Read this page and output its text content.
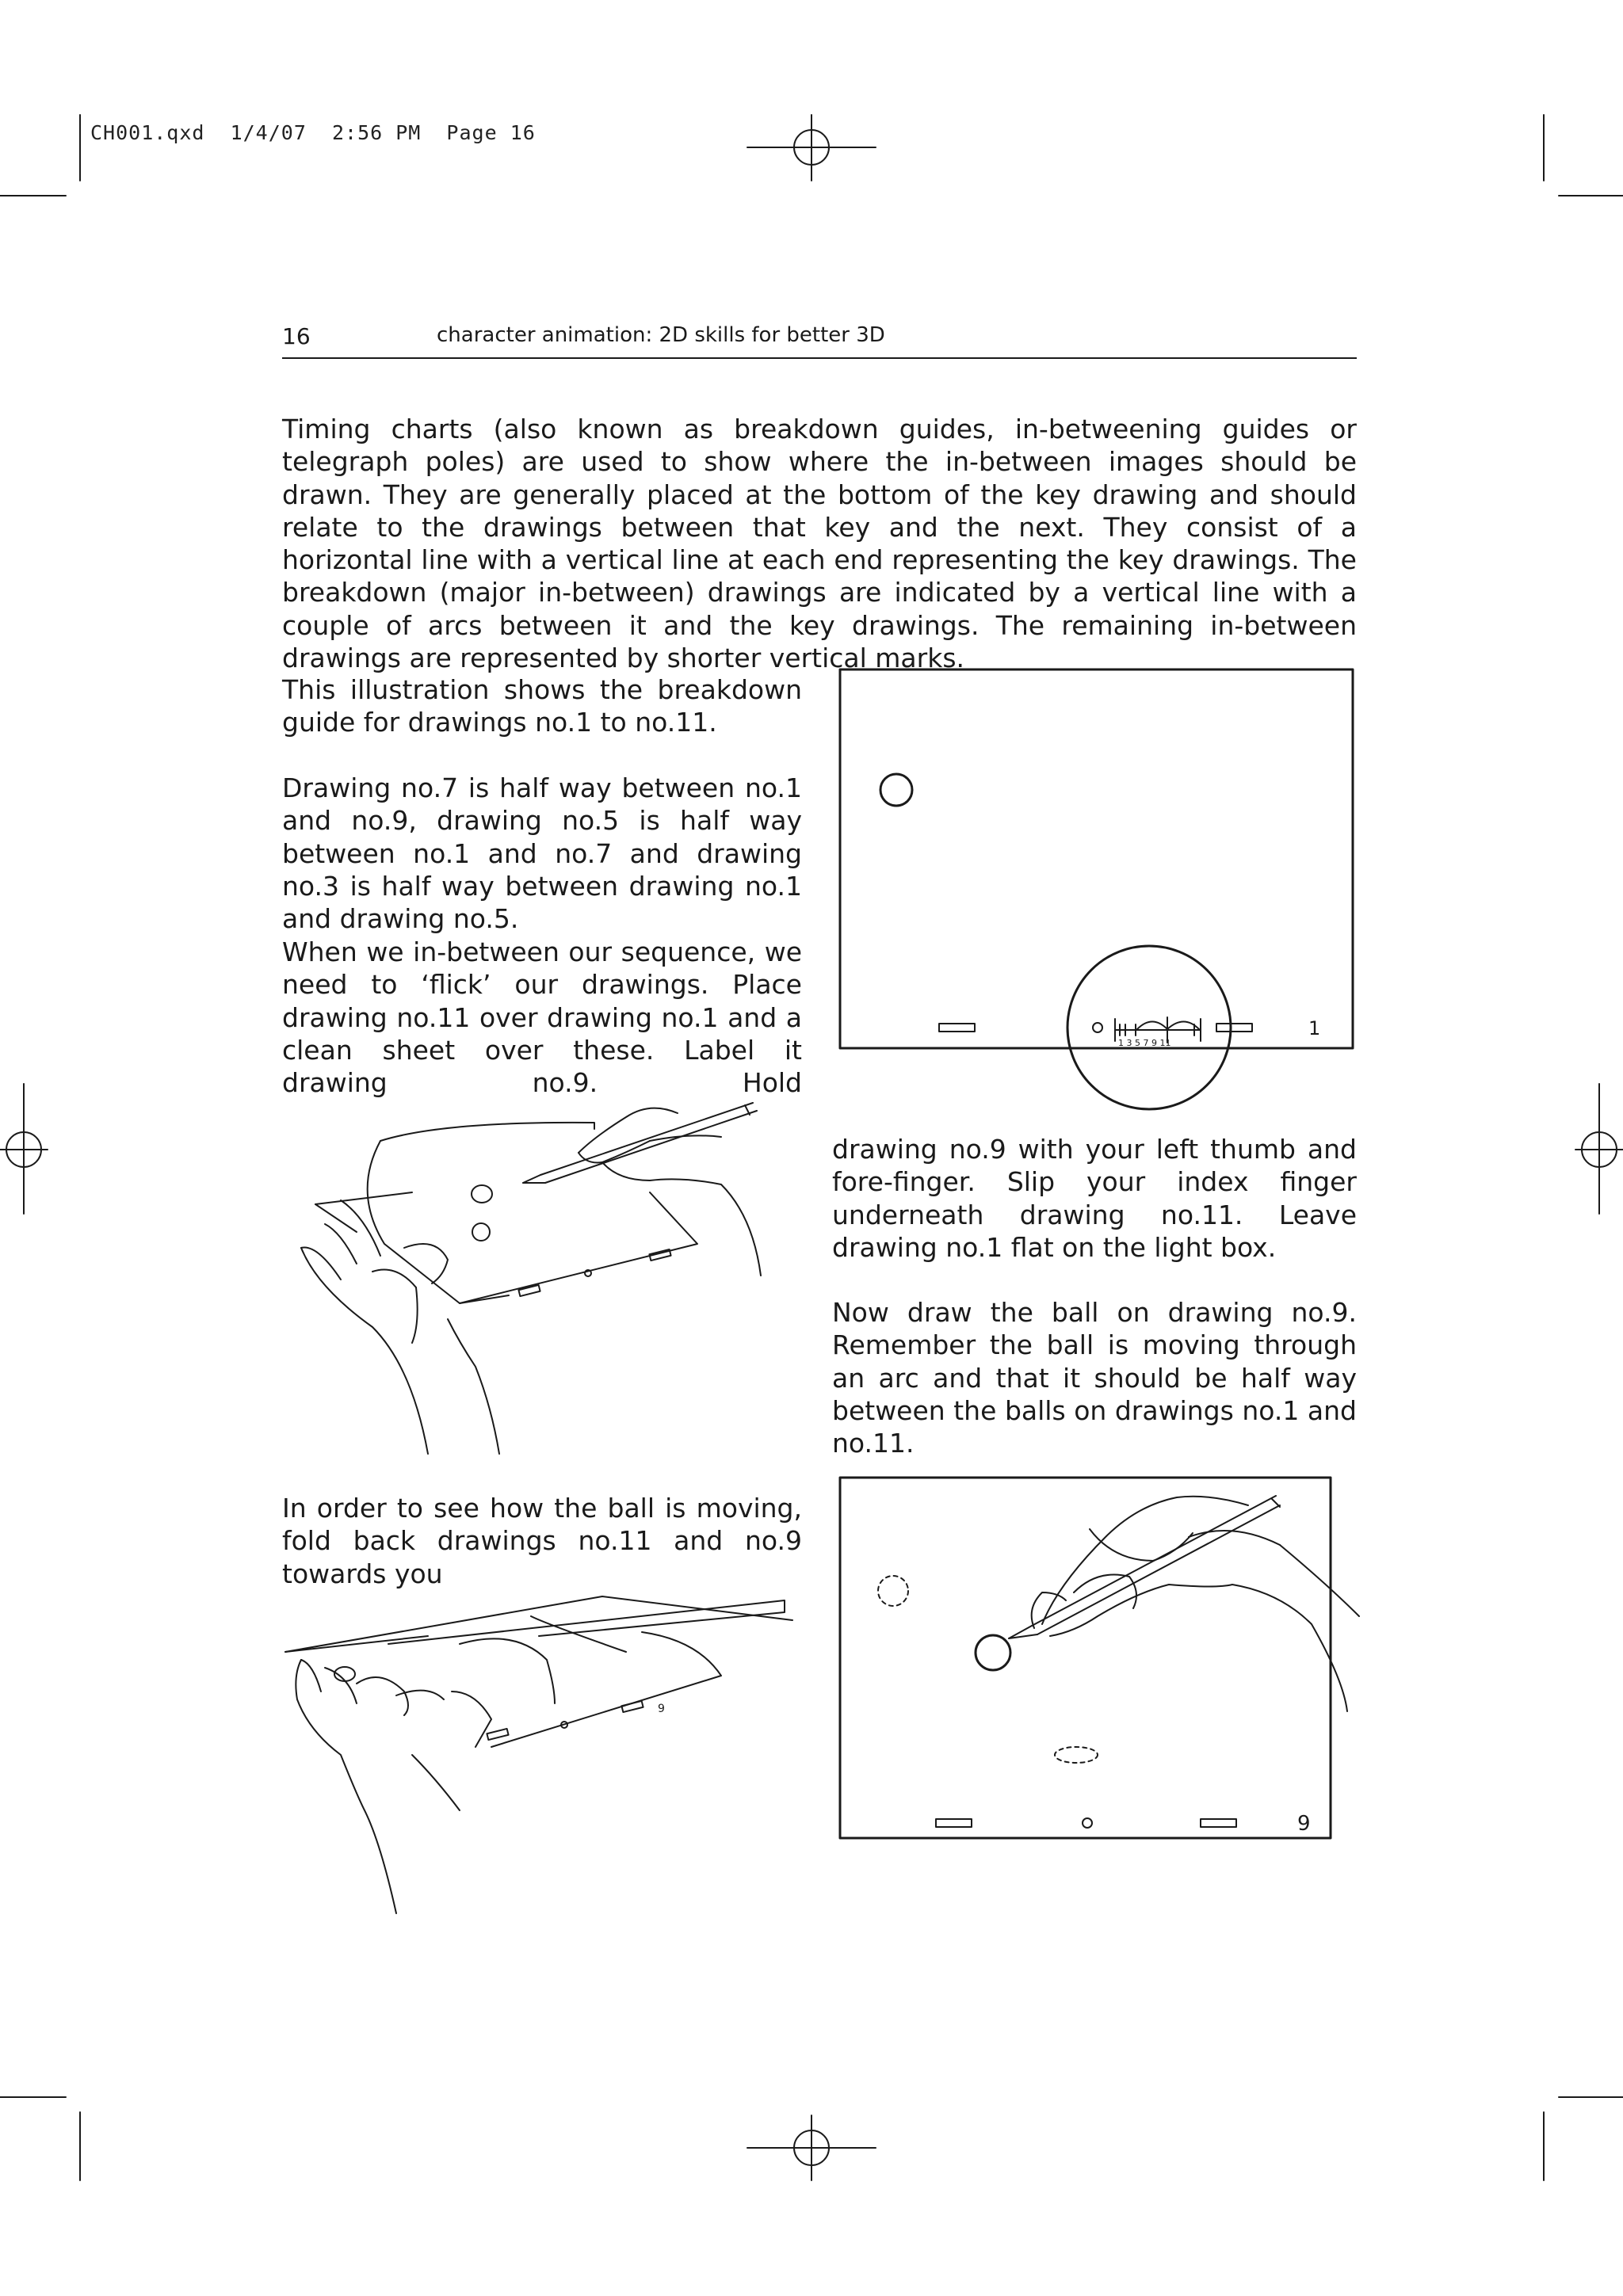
CH001.qxd  1/4/07  2:56 PM  Page 16
16	character animation: 2D skills for better 3D

Timing charts (also known as breakdown guides, in-betweening guides or telegraph poles) are used to show where the in-between images should be drawn. They are generally placed at the bottom of the key drawing and should relate to the drawings between that key and the next. They consist of a horizontal line with a vertical line at each end representing the key drawings. The breakdown (major in-between) drawings are indicated by a vertical line with a couple of arcs between it and the key drawings. The remaining in-between drawings are represented by shorter vertical marks.

This illustration shows the breakdown guide for drawings no.1 to no.11.

Drawing no.7 is half way between no.1 and no.9, drawing no.5 is half way between no.1 and no.7 and drawing no.3 is half way between drawing no.1 and drawing no.5.

When we in-between our sequence, we need to ‘flick’ our drawings. Place drawing no.11 over drawing no.1 and a clean sheet over these. Label it drawing no.9. Hold

drawing no.9 with your left thumb and fore-finger. Slip your index finger underneath drawing no.11. Leave drawing no.1 flat on the light box.

Now draw the ball on drawing no.9. Remember the ball is moving through an arc and that it should be half way between the balls on drawings no.1 and no.11.

In order to see how the ball is moving, fold back drawings no.11 and no.9 towards you

1 3 5 7 9 11
1
9
9
